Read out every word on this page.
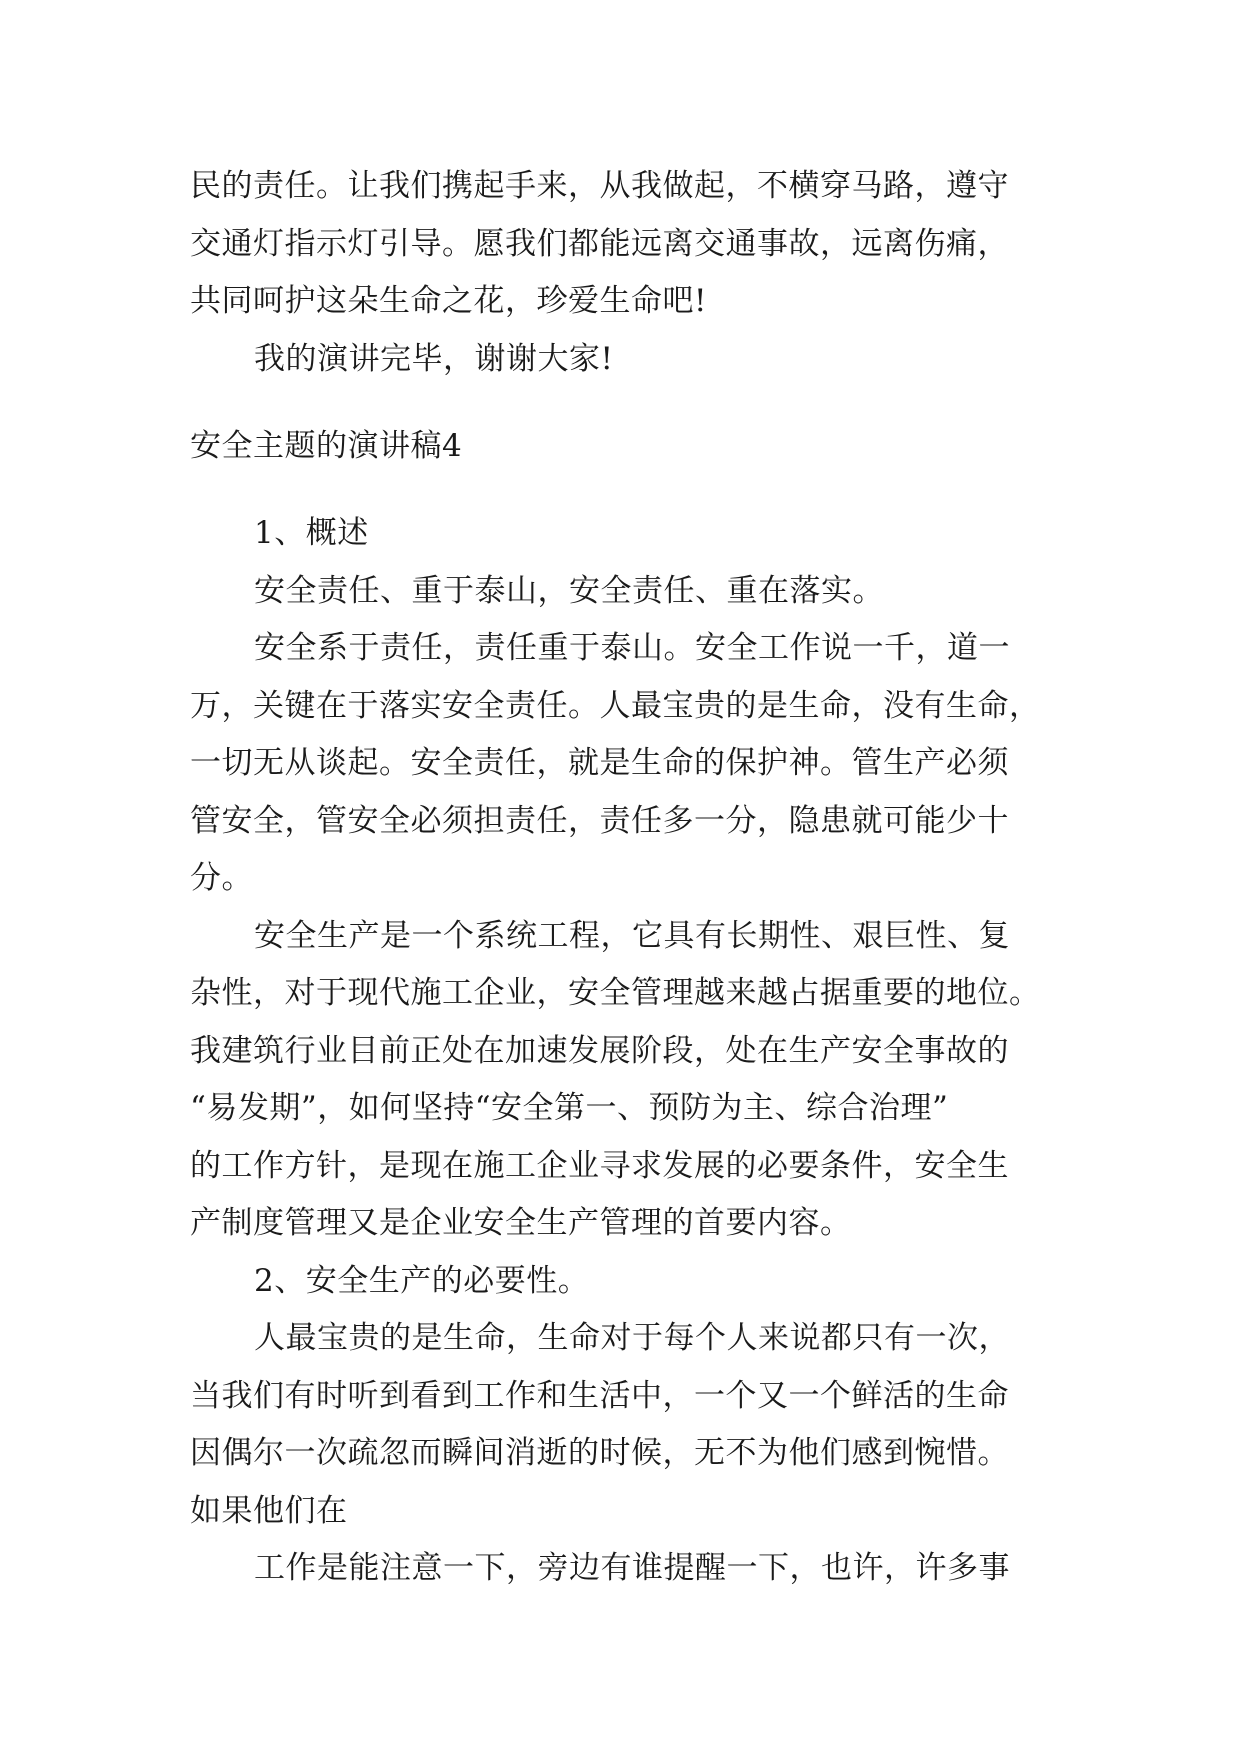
民的责任。让我们携起手来，从我做起，不横穿马路，遵守

交通灯指示灯引导。愿我们都能远离交通事故，远离伤痛，

共同呵护这朵生命之花，珍爱生命吧!

我的演讲完毕，谢谢大家!

安全主题的演讲稿4

1、概述

安全责任、重于泰山，安全责任、重在落实。

安全系于责任，责任重于泰山。安全工作说一千，道一

万，关键在于落实安全责任。人最宝贵的是生命，没有生命，

一切无从谈起。安全责任，就是生命的保护神。管生产必须

管安全，管安全必须担责任，责任多一分，隐患就可能少十

分。

安全生产是一个系统工程，它具有长期性、艰巨性、复

杂性，对于现代施工企业，安全管理越来越占据重要的地位。

我建筑行业目前正处在加速发展阶段，处在生产安全事故的

“易发期”，如何坚持“安全第一、预防为主、综合治理”

的工作方针，是现在施工企业寻求发展的必要条件，安全生

产制度管理又是企业安全生产管理的首要内容。

2、安全生产的必要性。

人最宝贵的是生命，生命对于每个人来说都只有一次，

当我们有时听到看到工作和生活中，一个又一个鲜活的生命

因偶尔一次疏忽而瞬间消逝的时候，无不为他们感到惋惜。

如果他们在

工作是能注意一下，旁边有谁提醒一下，也许，许多事
